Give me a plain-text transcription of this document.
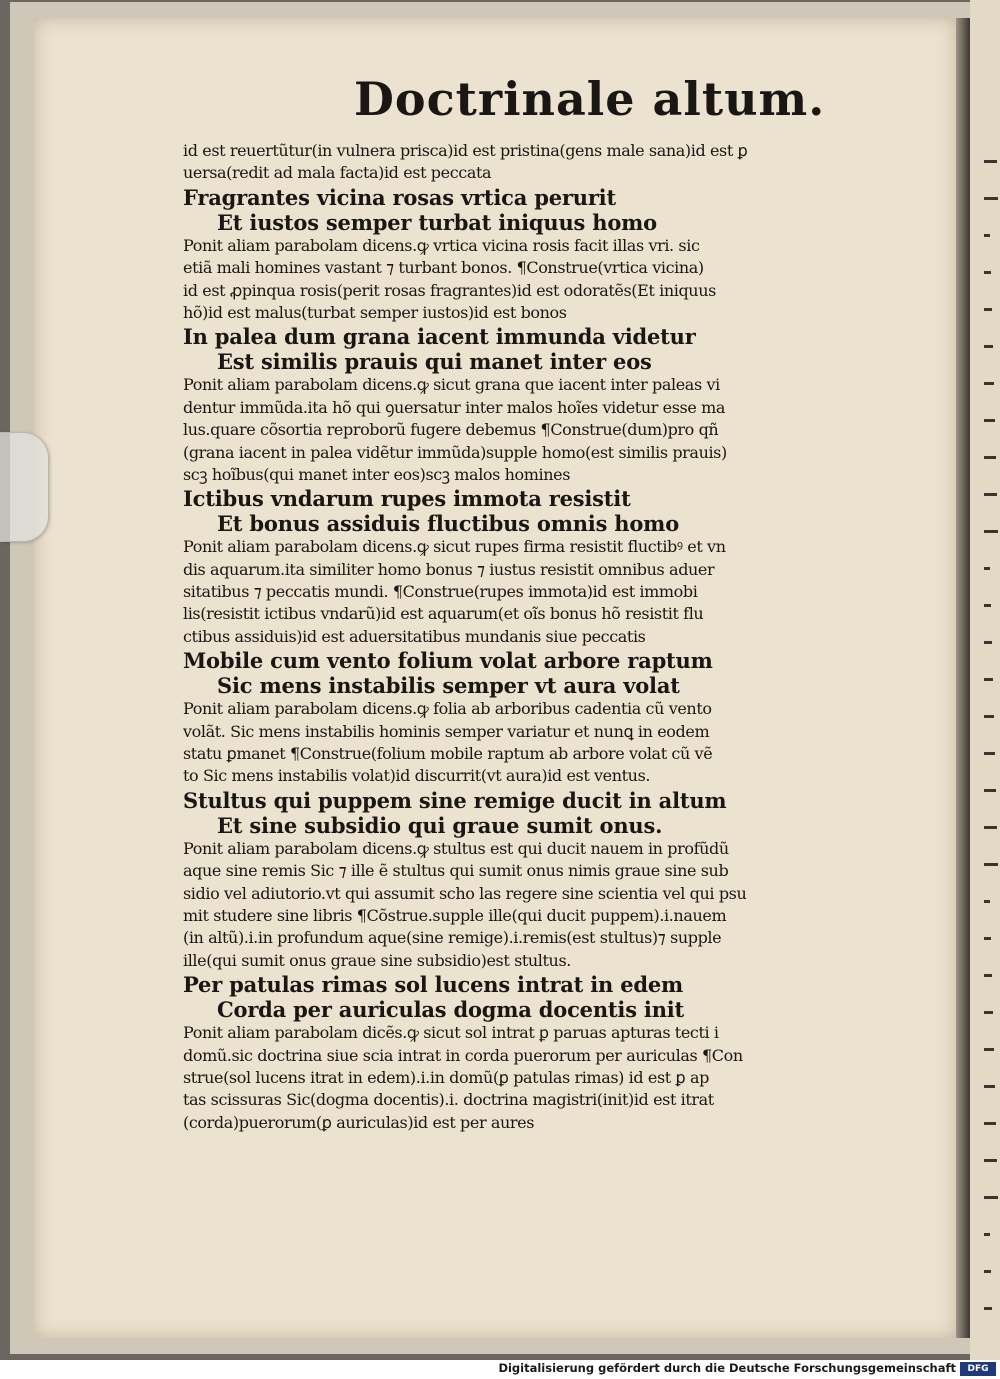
Doctrinale altum.
id est reuertũtur(in vulnera prisca)id est pristina(gens male sana)id est ꝑ
uersa(redit ad mala facta)id est peccata
Fragrantes vicina rosas vrtica perurit
Et iustos semper turbat iniquus homo
Ponit aliam parabolam dicens.ꝙ vrtica vicina rosis facit illas vri. sic
etiã mali homines vastant ⁊ turbant bonos. ¶Construe(vrtica vicina)
id est ꝓpinqua rosis(perit rosas fragrantes)id est odoratẽs(Et iniquus
hõ)id est malus(turbat semper iustos)id est bonos
In palea dum grana iacent immunda videtur
Est similis prauis qui manet inter eos
Ponit aliam parabolam dicens.ꝙ sicut grana que iacent inter paleas vi
dentur immũda.ita hõ qui ꝯuersatur inter malos hoĩes videtur esse ma
lus.quare cõsortia reproborũ fugere debemus ¶Construe(dum)pro qñ
(grana iacent in palea vidẽtur immũda)supple homo(est similis prauis)
scꝫ hoĩbus(qui manet inter eos)scꝫ malos homines
Ictibus vndarum rupes immota resistit
Et bonus assiduis fluctibus omnis homo
Ponit aliam parabolam dicens.ꝙ sicut rupes firma resistit fluctibꝰ et vn
dis aquarum.ita similiter homo bonus ⁊ iustus resistit omnibus aduer
sitatibus ⁊ peccatis mundi. ¶Construe(rupes immota)id est immobi
lis(resistit ictibus vndarũ)id est aquarum(et oĩs bonus hõ resistit flu
ctibus assiduis)id est aduersitatibus mundanis siue peccatis
Mobile cum vento folium volat arbore raptum
Sic mens instabilis semper vt aura volat
Ponit aliam parabolam dicens.ꝙ folia ab arboribus cadentia cũ vento
volãt. Sic mens instabilis hominis semper variatur et nunꝗ in eodem
statu ꝑmanet ¶Construe(folium mobile raptum ab arbore volat cũ vẽ
to Sic mens instabilis volat)id discurrit(vt aura)id est ventus.
Stultus qui puppem sine remige ducit in altum
Et sine subsidio qui graue sumit onus.
Ponit aliam parabolam dicens.ꝙ stultus est qui ducit nauem in profũdũ
aque sine remis Sic ⁊ ille ẽ stultus qui sumit onus nimis graue sine sub
sidio vel adiutorio.vt qui assumit scho las regere sine scientia vel qui psu
mit studere sine libris ¶Cõstrue.supple ille(qui ducit puppem).i.nauem
(in altũ).i.in profundum aque(sine remige).i.remis(est stultus)⁊ supple
ille(qui sumit onus graue sine subsidio)est stultus.
Per patulas rimas sol lucens intrat in edem
Corda per auriculas dogma docentis init
Ponit aliam parabolam dicẽs.ꝙ sicut sol intrat ꝑ paruas apturas tecti i
domũ.sic doctrina siue scia intrat in corda puerorum per auriculas ¶Con
strue(sol lucens itrat in edem).i.in domũ(ꝑ patulas rimas) id est ꝑ ap
tas scissuras Sic(dogma docentis).i. doctrina magistri(init)id est itrat
(corda)puerorum(ꝑ auriculas)id est per aures
Digitalisierung gefördert durch die Deutsche Forschungsgemeinschaft	DFG
